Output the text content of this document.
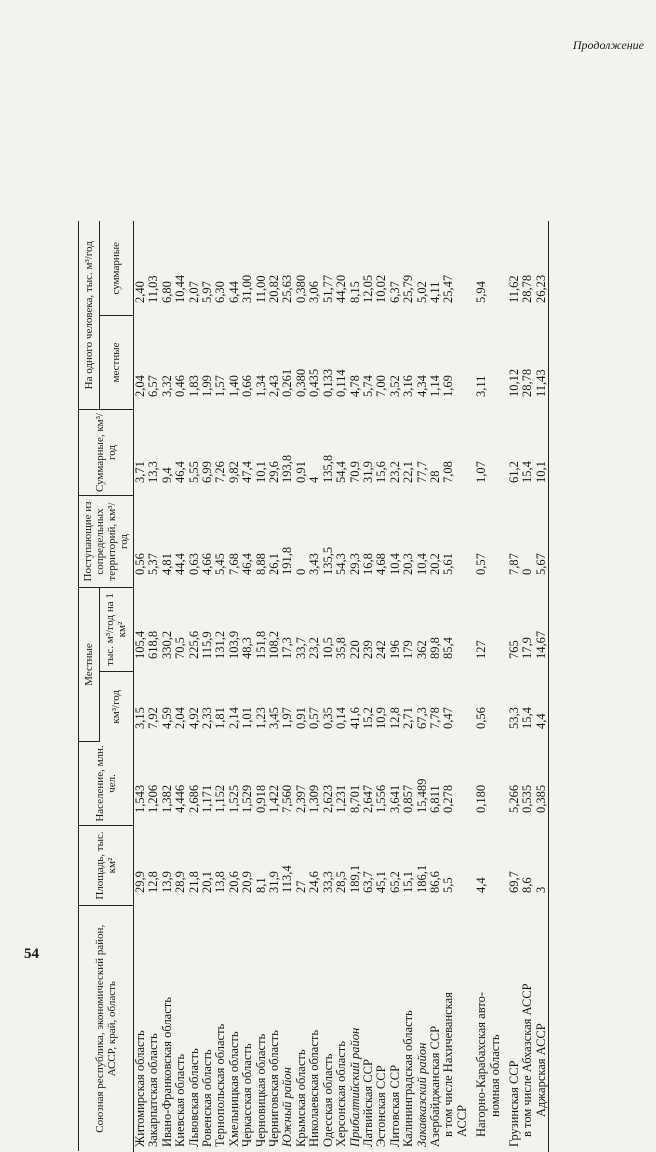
54
Продолжение
Союзная республика, экономический район, АССР, край, область	Площадь, тыс. км²	Население, млн. чел.	Местные		Поступающие из сопредельных территорий, км³/год	Суммарные, км³/год	На одного человека, тыс. м³/год	
			км³/год	тыс. м³/год на 1 км²			местные	суммарные
Житомирская область	29,9	1,543	3,15	105,4	0,56	3,71	2,04	2,40
Закарпатская область	12,8	1,206	7,92	618,8	5,37	13,3	6,57	11,03
Ивано-Франковская область	13,9	1,382	4,59	330,2	4,81	9,4	3,32	6,80
Киевская область	28,9	4,446	2,04	70,5	44,4	46,4	0,46	10,44
Львовская область	21,8	2,686	4,92	225,6	0,63	5,55	1,83	2,07
Ровенская область	20,1	1,171	2,33	115,9	4,66	6,99	1,99	5,97
Тернопольская область	13,8	1,152	1,81	131,2	5,45	7,26	1,57	6,30
Хмельницкая область	20,6	1,525	2,14	103,9	7,68	9,82	1,40	6,44
Черкасская область	20,9	1,529	1,01	48,3	46,4	47,4	0,66	31,00
Черновицкая область	8,1	0,918	1,23	151,8	8,88	10,1	1,34	11,00
Черниговская область	31,9	1,422	3,45	108,2	26,1	29,6	2,43	20,82
Южный район	113,4	7,560	1,97	17,3	191,8	193,8	0,261	25,63
Крымская область	27	2,397	0,91	33,7	0	0,91	0,380	0,380
Николаевская область	24,6	1,309	0,57	23,2	3,43	4	0,435	3,06
Одесская область	33,3	2,623	0,35	10,5	135,5	135,8	0,133	51,77
Херсонская область	28,5	1,231	0,14	35,8	54,3	54,4	0,114	44,20
Прибалтийский район	189,1	8,701	41,6	220	29,3	70,9	4,78	8,15
Латвийская ССР	63,7	2,647	15,2	239	16,8	31,9	5,74	12,05
Эстонская ССР	45,1	1,556	10,9	242	4,68	15,6	7,00	10,02
Литовская ССР	65,2	3,641	12,8	196	10,4	23,2	3,52	6,37
Калининградская область	15,1	0,857	2,71	179	20,3	22,1	3,16	25,79
Закавказский район	186,1	15,489	67,3	362	10,4	77,7	4,34	5,02
Азербайджанская ССР	86,6	6,811	7,78	89,8	20,2	28	1,14	4,11
в том числе Нахичеванская	5,5	0,278	0,47	85,4	5,61	7,08	1,69	25,47
АССР								
Нагорно-Карабахская авто-	4,4	0,180	0,56	127	0,57	1,07	3,11	5,94
номная область								
Грузинская ССР	69,7	5,266	53,3	765	7,87	61,2	10,12	11,62
в том числе Абхазская АССР	8,6	0,535	15,4	17,9	0	15,4	28,78	28,78
Аджарская АССР	3	0,385	4,4	14,67	5,67	10,1	11,43	26,23
